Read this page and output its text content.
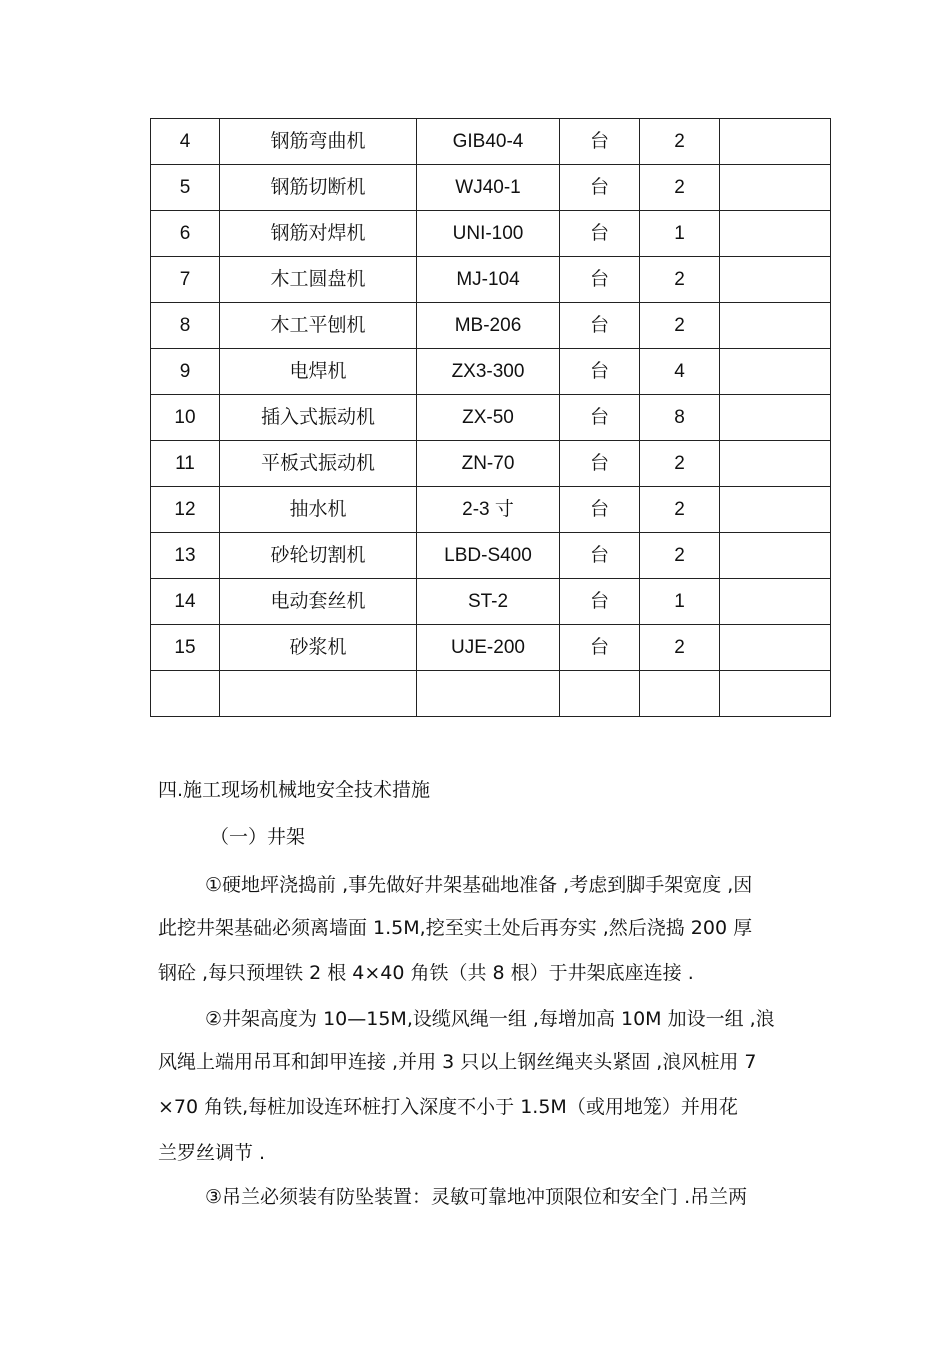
4	钢筋弯曲机	GIB40-4	台	2	
5	钢筋切断机	WJ40-1	台	2	
6	钢筋对焊机	UNI-100	台	1	
7	木工圆盘机	MJ-104	台	2	
8	木工平刨机	MB-206	台	2	
9	电焊机	ZX3-300	台	4	
10	插入式振动机	ZX-50	台	8	
11	平板式振动机	ZN-70	台	2	
12	抽水机	2-3 寸	台	2	
13	砂轮切割机	LBD-S400	台	2	
14	电动套丝机	ST-2	台	1	
15	砂浆机	UJE-200	台	2	

四.施工现场机械地安全技术措施
（一）井架
①硬地坪浇捣前 ,事先做好井架基础地准备 ,考虑到脚手架宽度 ,因
此挖井架基础必须离墙面 1.5M,挖至实土处后再夯实 ,然后浇捣 200 厚
钢砼 ,每只预埋铁 2 根 4×40 角铁（共 8 根）于井架底座连接 .
②井架高度为 10—15M,设缆风绳一组 ,每增加高 10M 加设一组 ,浪
风绳上端用吊耳和卸甲连接 ,并用 3 只以上钢丝绳夹头紧固 ,浪风桩用 7
×70 角铁,每桩加设连环桩打入深度不小于 1.5M（或用地笼）并用花
兰罗丝调节 .
③吊兰必须装有防坠装置：灵敏可靠地冲顶限位和安全门 .吊兰两
